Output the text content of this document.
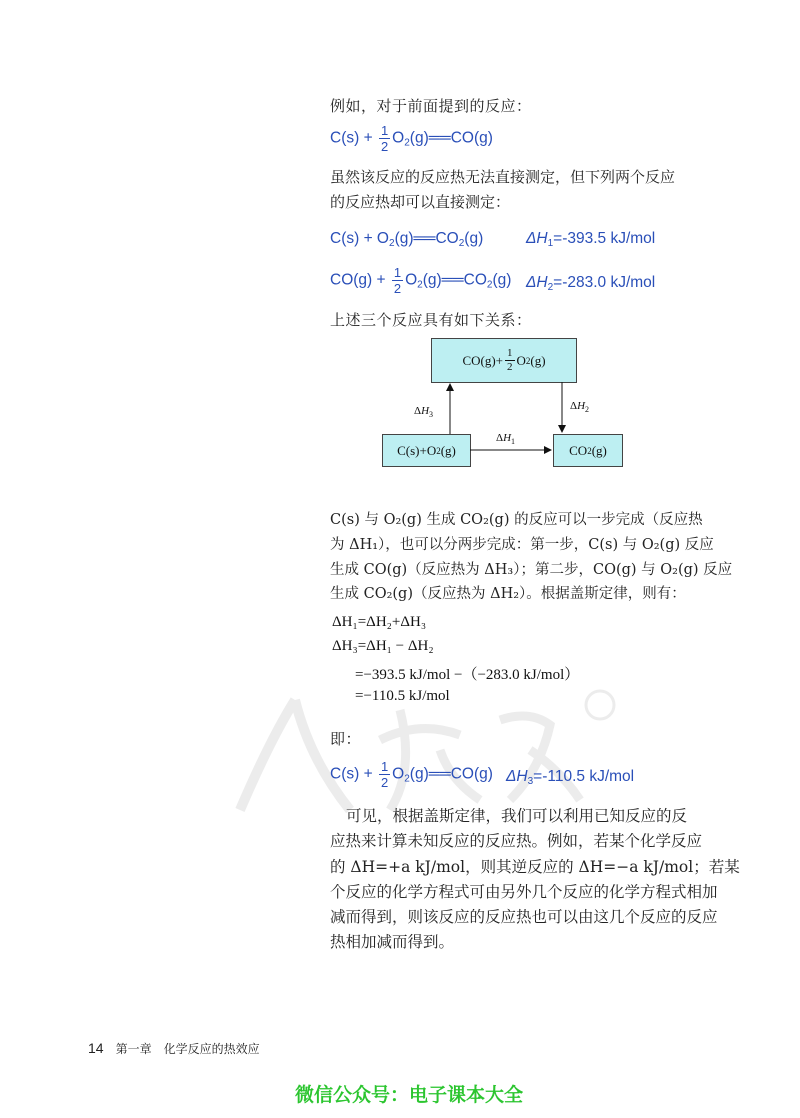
例如，对于前面提到的反应：
$C(s) + \frac{1}{2}$ $O_2(g)══CO(g)$

虽然该反应的反应热无法直接测定，但下列两个反应

的反应热却可以直接测定：

$C(s) + O_2(g)══CO_2(g)$	$\Delta H_1=-393.5$ kJ/mol
$CO(g) + \frac{1}{2}$ $O_2(g)══CO_2(g)$ $\Delta H_2=-283.0$ kJ/mol
上述三个反应具有如下关系：
$CO(g)+ \frac{1}{2}$ O 2 (g)
C(s)+O 2 (g)	CO 2 (g)
$\Delta H_3$
$\Delta H_2$
$\Delta H_1$

C(s) 与 O₂(g) 生成 CO₂(g) 的反应可以一步完成（反应热

为 ΔH₁），也可以分两步完成：第一步，C(s) 与 O₂(g) 反应

生成 CO(g)（反应热为 ΔH₃）；第二步，CO(g) 与 O₂(g) 反应

生成 CO₂(g)（反应热为 ΔH₂）。根据盖斯定律，则有：

ΔH₁=ΔH₂+ΔH₃
ΔH₃=ΔH₁ − ΔH₂
=−393.5 kJ/mol −（−283.0 kJ/mol）
=−110.5 kJ/mol
即：
$C(s) + \frac{1}{2}$ $O_2(g)══CO(g)$ $\Delta H_3=-110.5$ kJ/mol

可见，根据盖斯定律，我们可以利用已知反应的反

应热来计算未知反应的反应热。例如，若某个化学反应

的 ΔH=+a kJ/mol，则其逆反应的 ΔH=−a kJ/mol；若某

个反应的化学方程式可由另外几个反应的化学方程式相加

减而得到，则该反应的反应热也可以由这几个反应的反应

热相加减而得到。

14 第一章　化学反应的热效应
微信公众号：电子课本大全
